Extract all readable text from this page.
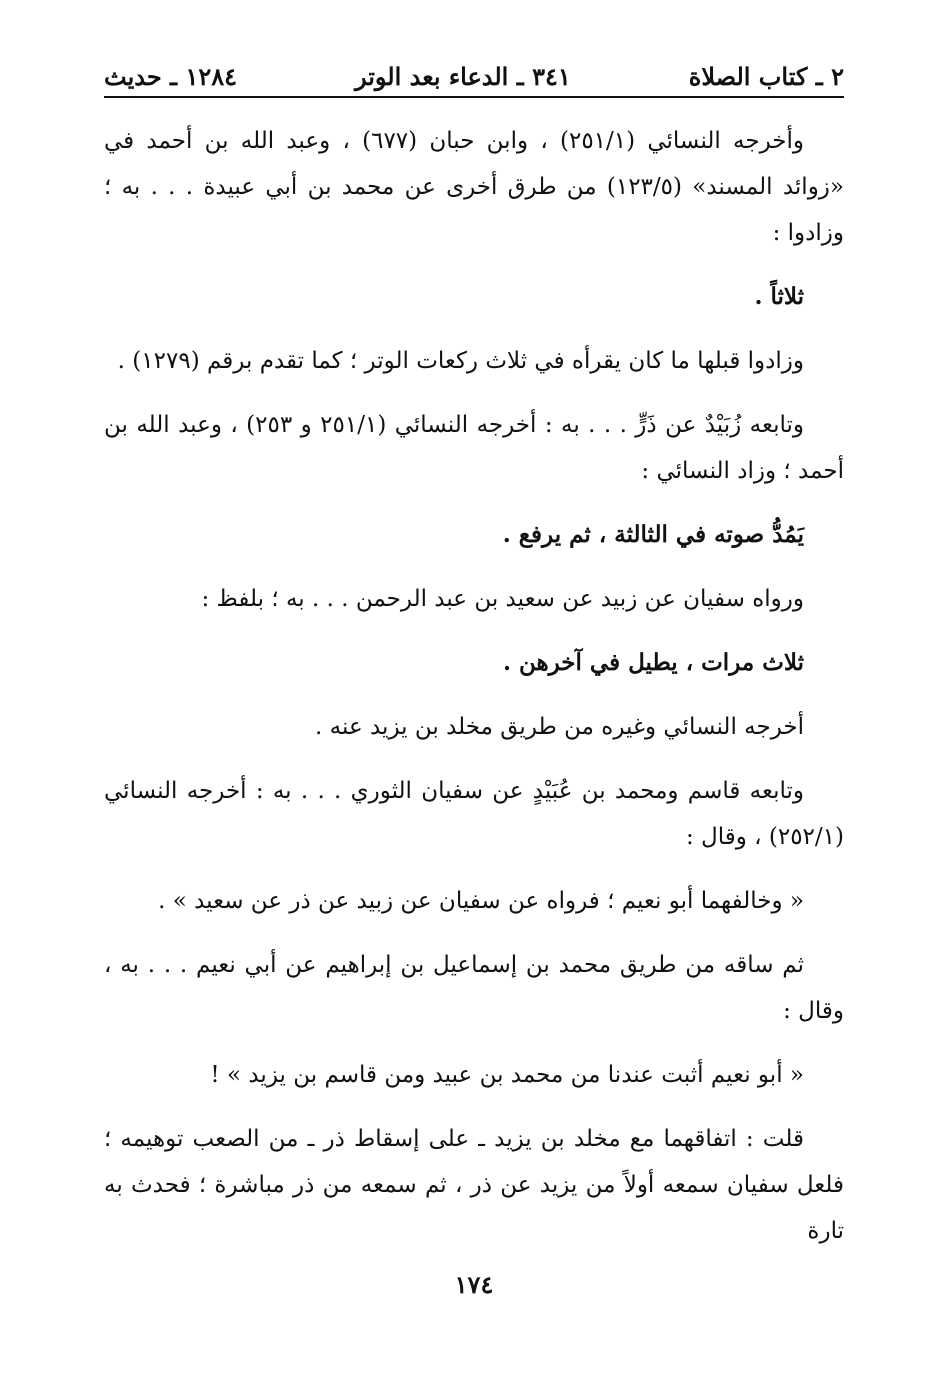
٢ ـ كتاب الصلاة
٣٤١ ـ الدعاء بعد الوتر
١٢٨٤ ـ حديث

وأخرجه النسائي (٢٥١/١) ، وابن حبان (٦٧٧) ، وعبد الله بن أحمد في «زوائد المسند» (١٢٣/٥) من طرق أخرى عن محمد بن أبي عبيدة . . . به ؛ وزادوا :

ثلاثاً .

وزادوا قبلها ما كان يقرأه في ثلاث ركعات الوتر ؛ كما تقدم برقم (١٢٧٩) .

وتابعه زُبَيْدٌ عن ذَرٍّ . . . به : أخرجه النسائي (٢٥١/١ و ٢٥٣) ، وعبد الله بن أحمد ؛ وزاد النسائي :

يَمُدُّ صوته في الثالثة ، ثم يرفع .

ورواه سفيان عن زبيد عن سعيد بن عبد الرحمن . . . به ؛ بلفظ :

ثلاث مرات ، يطيل في آخرهن .

أخرجه النسائي وغيره من طريق مخلد بن يزيد عنه .

وتابعه قاسم ومحمد بن عُبَيْدٍ عن سفيان الثوري . . . به : أخرجه النسائي (٢٥٢/١) ، وقال :

« وخالفهما أبو نعيم ؛ فرواه عن سفيان عن زبيد عن ذر عن سعيد » .

ثم ساقه من طريق محمد بن إسماعيل بن إبراهيم عن أبي نعيم . . . به ، وقال :

« أبو نعيم أثبت عندنا من محمد بن عبيد ومن قاسم بن يزيد » !

قلت : اتفاقهما مع مخلد بن يزيد ـ على إسقاط ذر ـ من الصعب توهيمه ؛ فلعل سفيان سمعه أولاً من يزيد عن ذر ، ثم سمعه من ذر مباشرة ؛ فحدث به تارة

١٧٤
